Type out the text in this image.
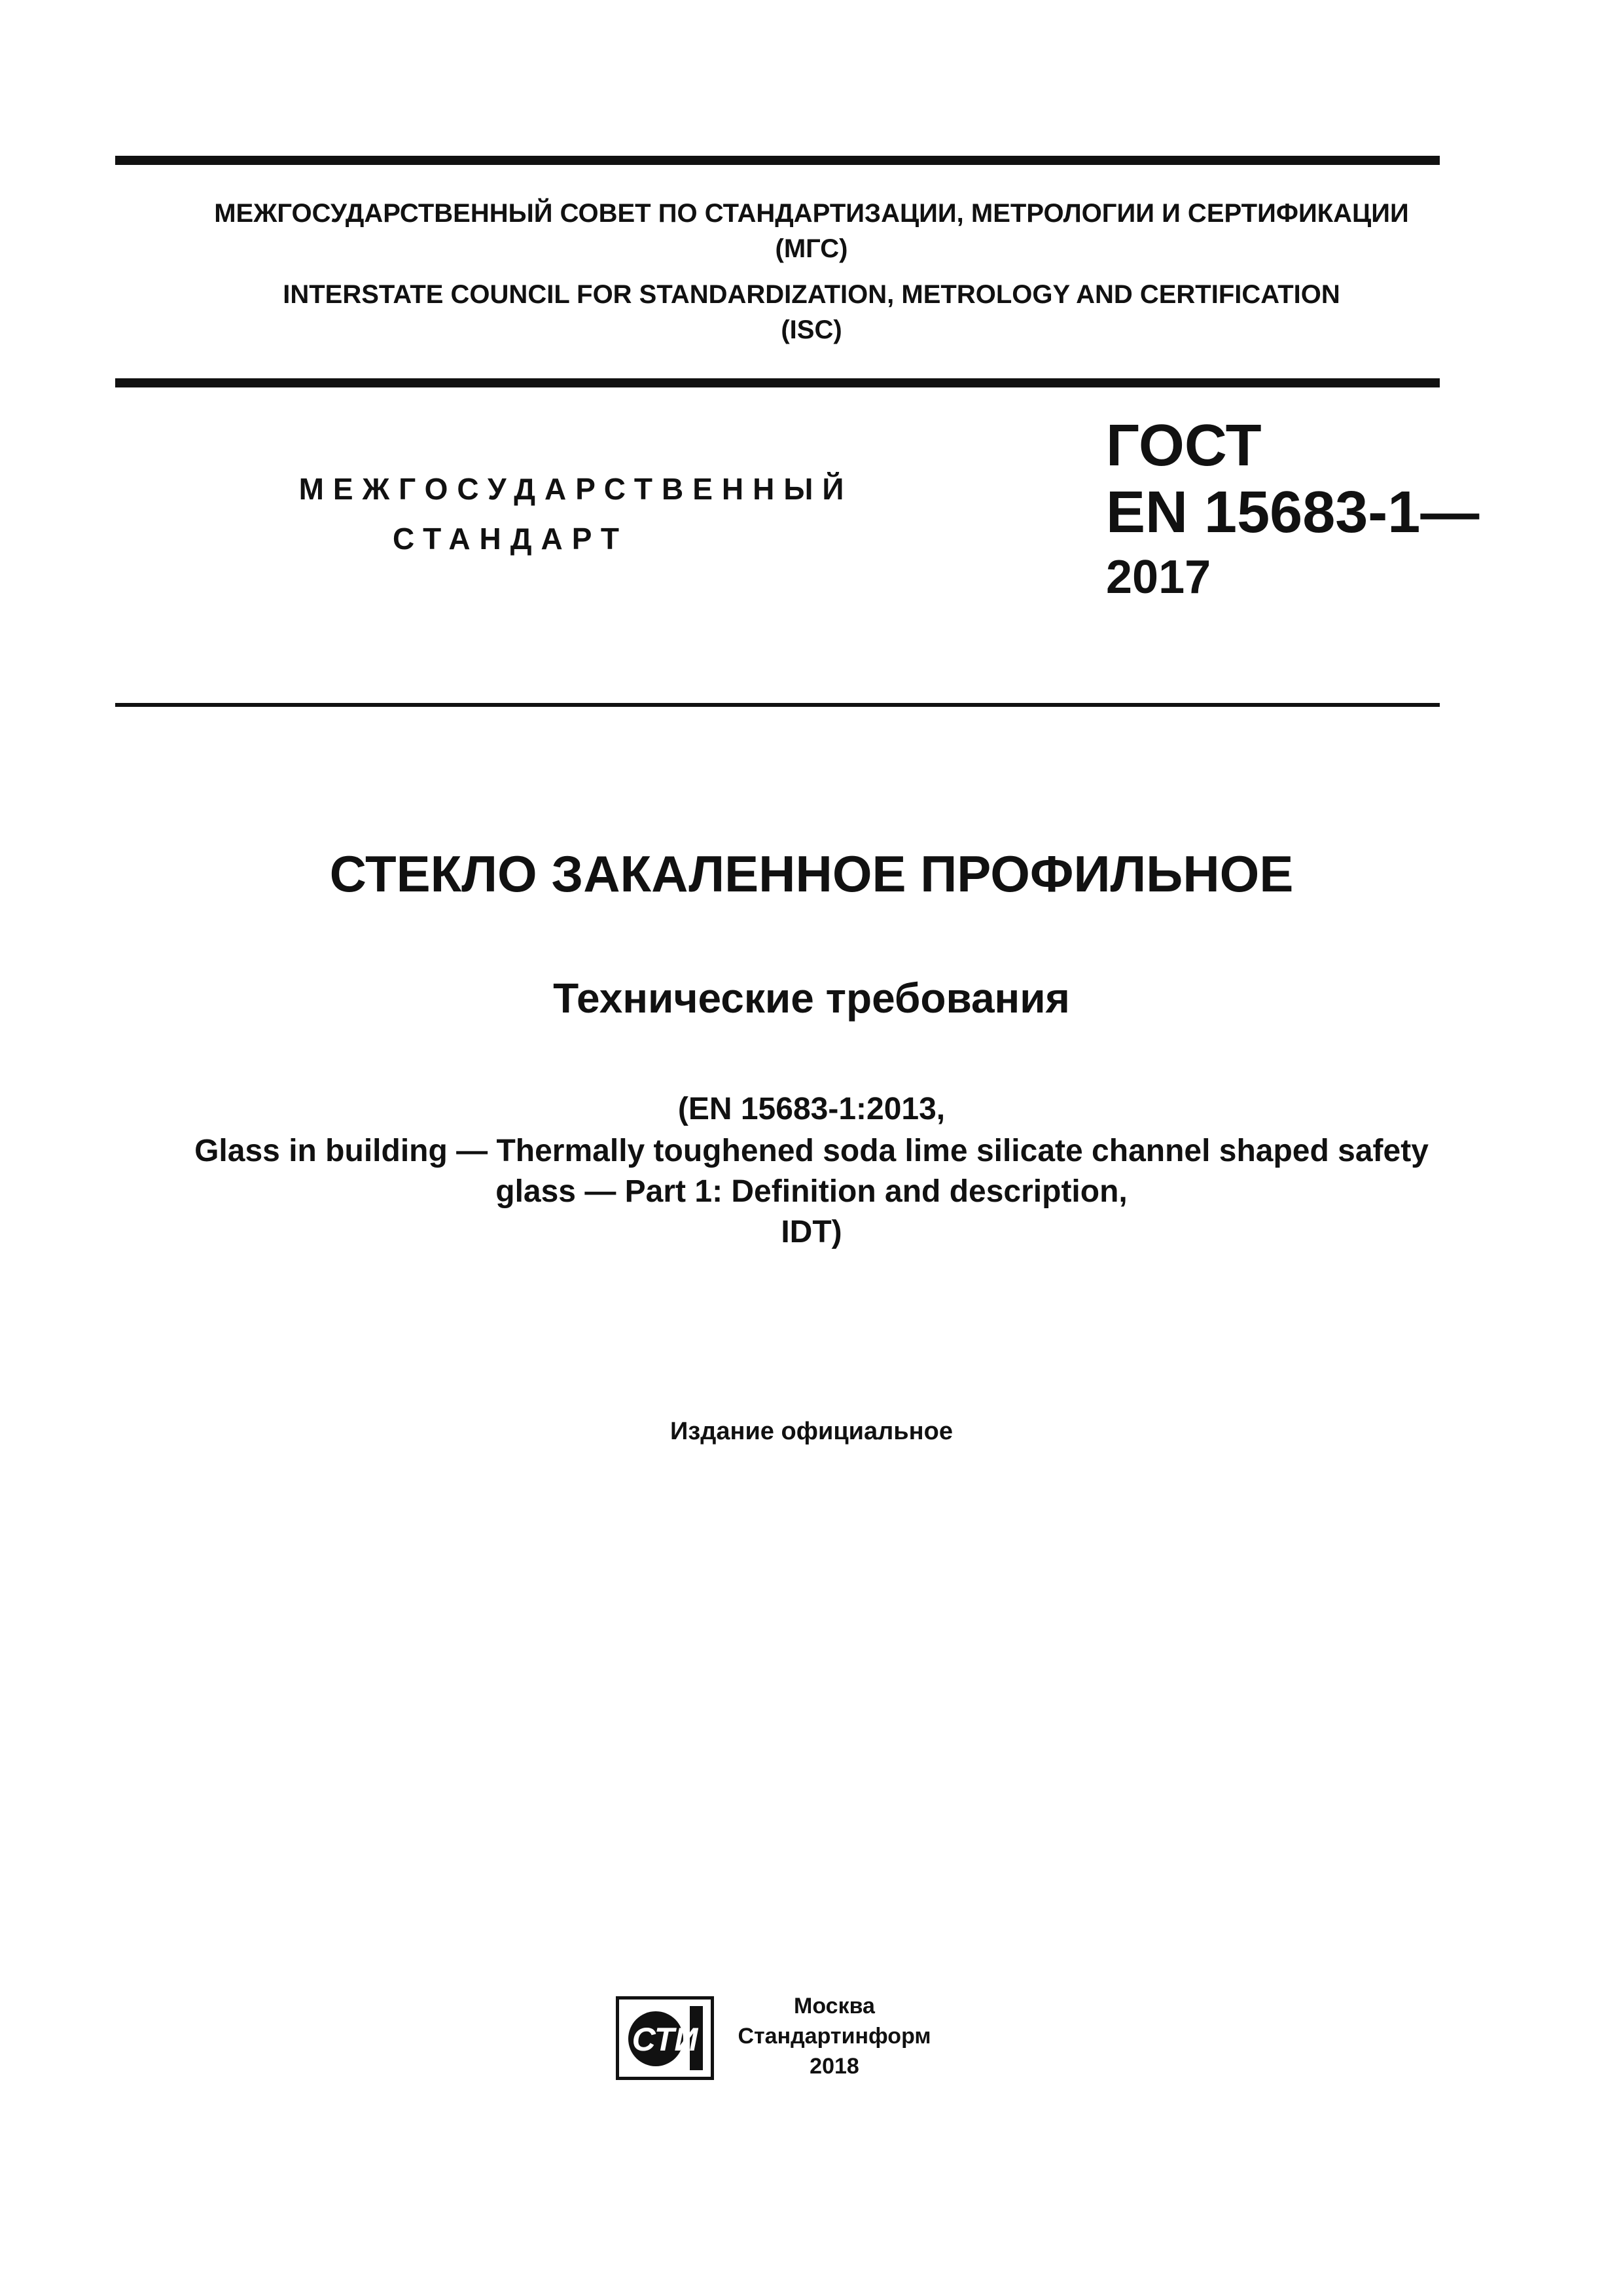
МЕЖГОСУДАРСТВЕННЫЙ СОВЕТ ПО СТАНДАРТИЗАЦИИ, МЕТРОЛОГИИ И СЕРТИФИКАЦИИ
(МГС)
INTERSTATE COUNCIL FOR STANDARDIZATION, METROLOGY AND CERTIFICATION
(ISC)
МЕЖГОСУДАРСТВЕННЫЙ
СТАНДАРТ
ГОСТ
EN 15683-1—
2017
СТЕКЛО ЗАКАЛЕННОЕ ПРОФИЛЬНОЕ
Технические требования
(EN 15683-1:2013,
Glass in building — Thermally toughened soda lime silicate channel shaped safety
glass — Part 1: Definition and description,
IDT)
Издание официальное
СТИ
Москва
Стандартинформ
2018
